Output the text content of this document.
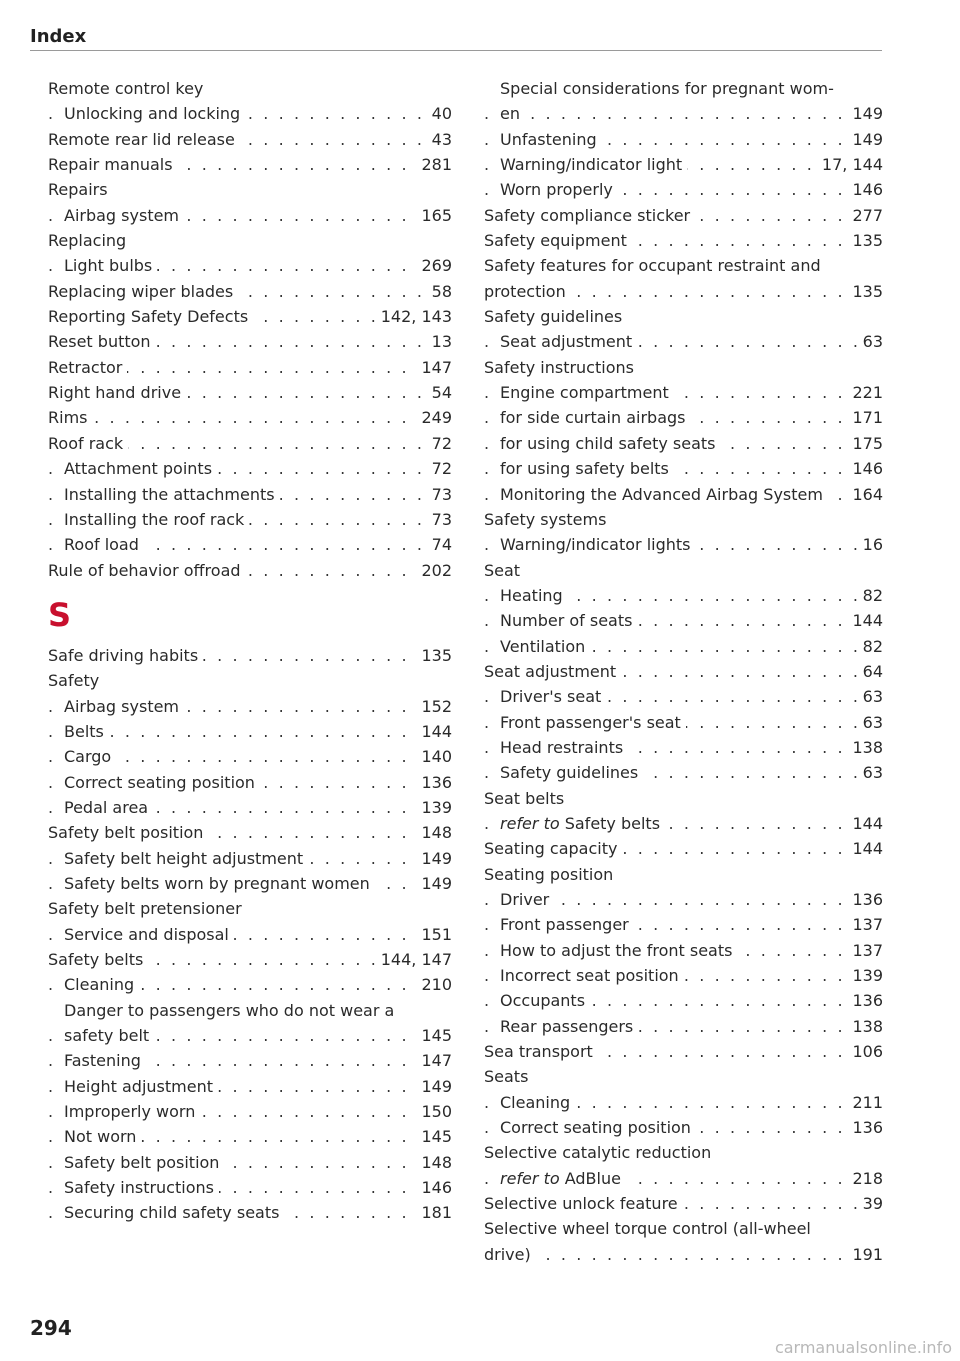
Index
Remote control key
Unlocking and locking	40
. . .
Remote rear lid release	43
. . .
Repair manuals	281
. . .
Repairs
Airbag system	165
. . .
Replacing
Light bulbs	269
. . .
Replacing wiper blades	58
. . .
Reporting Safety Defects	142, 143
. . .
Reset button	13
. . .
Retractor	147
. . .
Right hand drive	54
. . .
Rims	249
. . .
Roof rack	72
. . .
Attachment points	72
. . .
Installing the attachments	73
. . .
Installing the roof rack	73
. . .
Roof load	74
. . .
Rule of behavior offroad	202
. . .
S
Safe driving habits	135
. . .
Safety
Airbag system	152
. . .
Belts	144
. . .
Cargo	140
. . .
Correct seating position	136
. . .
Pedal area	139
. . .
Safety belt position	148
. . .
Safety belt height adjustment	149
. . .
Safety belts worn by pregnant women	149
. . .
Safety belt pretensioner
Service and disposal	151
. . .
Safety belts	144, 147
. . .
Cleaning	210
. . .
Danger to passengers who do not wear a
safety belt	145
. . .
Fastening	147
. . .
Height adjustment	149
. . .
Improperly worn	150
. . .
Not worn	145
. . .
Safety belt position	148
. . .
Safety instructions	146
. . .
Securing child safety seats	181
. . .
Special considerations for pregnant wom-
en	149
. . .
Unfastening	149
. . .
Warning/indicator light	17, 144
. . .
Worn properly	146
. . .
Safety compliance sticker	277
. . .
Safety equipment	135
. . .
Safety features for occupant restraint and
protection	135
. . .
Safety guidelines
Seat adjustment	63
. . .
Safety instructions
Engine compartment	221
. . .
for side curtain airbags	171
. . .
for using child safety seats	175
. . .
for using safety belts	146
. . .
Monitoring the Advanced Airbag System	164
. . .
Safety systems
Warning/indicator lights	16
. . .
Seat
Heating	82
. . .
Number of seats	144
. . .
Ventilation	82
. . .
Seat adjustment	64
. . .
Driver's seat	63
. . .
Front passenger's seat	63
. . .
Head restraints	138
. . .
Safety guidelines	63
. . .
Seat belts
refer to Safety belts	144
. . .
Seating capacity	144
. . .
Seating position
Driver	136
. . .
Front passenger	137
. . .
How to adjust the front seats	137
. . .
Incorrect seat position	139
. . .
Occupants	136
. . .
Rear passengers	138
. . .
Sea transport	106
. . .
Seats
Cleaning	211
. . .
Correct seating position	136
. . .
Selective catalytic reduction
refer to AdBlue	218
. . .
Selective unlock feature	39
. . .
Selective wheel torque control (all-wheel
drive)	191
. . .
294
carmanualsonline.info
